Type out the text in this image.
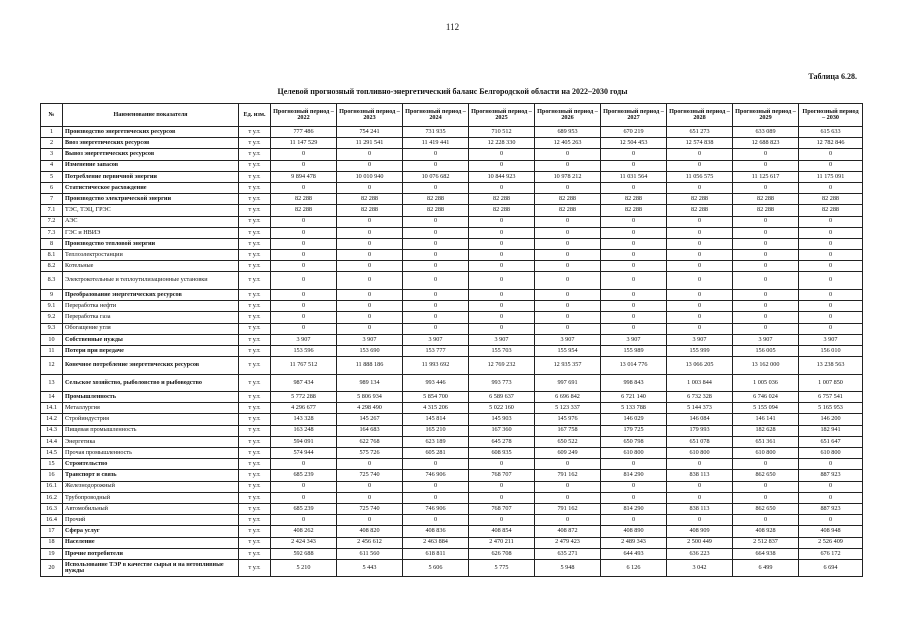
112
Таблица 6.28.
Целевой прогнозный топливно-энергетический баланс Белгородской области на 2022–2030 годы
№	Наименование показателя	Ед. изм.	Прогнозный период – 2022	Прогнозный период – 2023	Прогнозный период – 2024	Прогнозный период – 2025	Прогнозный период – 2026	Прогнозный период – 2027	Прогнозный период – 2028	Прогнозный период – 2029	Прогнозный период – 2030
1	Производство энергетических ресурсов	т у.т.	777 486	754 241	731 935	710 512	689 953	670 219	651 273	633 089	615 633
2	Ввоз энергетических ресурсов	т у.т.	11 147 529	11 291 541	11 419 441	12 228 330	12 405 263	12 504 453	12 574 838	12 688 823	12 782 846
3	Вывоз энергетических ресурсов	т у.т.	0	0	0	0	0	0	0	0	0
4	Изменение запасов	т у.т.	0	0	0	0	0	0	0	0	0
5	Потребление первичной энергии	т у.т.	9 894 478	10 010 940	10 076 682	10 844 923	10 978 212	11 031 564	11 056 575	11 125 617	11 175 091
6	Статистическое расхождение	т у.т.	0	0	0	0	0	0	0	0	0
7	Производство электрической энергии	т у.т.	82 288	82 288	82 288	82 288	82 288	82 288	82 288	82 288	82 288
7.1	ТЭС, ТЭЦ, ГРЭС	т у.т.	82 288	82 288	82 288	82 288	82 288	82 288	82 288	82 288	82 288
7.2	АЭС	т у.т.	0	0	0	0	0	0	0	0	0
7.3	ГЭС и НВИЭ	т у.т.	0	0	0	0	0	0	0	0	0
8	Производство тепловой энергии	т у.т.	0	0	0	0	0	0	0	0	0
8.1	Теплоэлектростанции	т у.т.	0	0	0	0	0	0	0	0	0
8.2	Котельные	т у.т.	0	0	0	0	0	0	0	0	0
8.3	Электрокотельные и теплоутилизационные установки	т у.т.	0	0	0	0	0	0	0	0	0
9	Преобразование энергетических ресурсов	т у.т.	0	0	0	0	0	0	0	0	0
9.1	Переработка нефти	т у.т.	0	0	0	0	0	0	0	0	0
9.2	Переработка газа	т у.т.	0	0	0	0	0	0	0	0	0
9.3	Обогащение угля	т у.т.	0	0	0	0	0	0	0	0	0
10	Собственные нужды	т у.т.	3 907	3 907	3 907	3 907	3 907	3 907	3 907	3 907	3 907
11	Потери при передаче	т у.т.	153 596	153 690	153 777	155 703	155 954	155 989	155 999	156 005	156 010
12	Конечное потребление энергетических ресурсов	т у.т.	11 767 512	11 888 186	11 993 692	12 769 232	12 935 357	13 014 776	13 066 205	13 162 000	13 238 563
13	Сельское хозяйство, рыболовство и рыбоводство	т у.т.	987 434	989 134	993 446	993 773	997 691	998 843	1 003 844	1 005 036	1 007 850
14	Промышленность	т у.т.	5 772 288	5 806 934	5 854 700	6 589 637	6 696 842	6 721 140	6 732 328	6 746 024	6 757 541
14.1	Металлургия	т у.т.	4 296 677	4 298 490	4 315 206	5 022 160	5 123 337	5 133 788	5 144 373	5 155 094	5 165 953
14.2	Стройиндустрия	т у.т.	143 328	145 267	145 814	145 903	145 976	146 029	146 084	146 141	146 200
14.3	Пищевая промышленность	т у.т.	163 248	164 683	165 210	167 360	167 758	179 725	179 993	182 628	182 941
14.4	Энергетика	т у.т.	594 091	622 768	623 189	645 278	650 522	650 798	651 078	651 361	651 647
14.5	Прочая промышленность	т у.т.	574 944	575 726	605 281	608 935	609 249	610 800	610 800	610 800	610 800
15	Строительство	т у.т.	0	0	0	0	0	0	0	0	0
16	Транспорт и связь	т у.т.	685 239	725 740	746 906	768 707	791 162	814 290	838 113	862 650	887 923
16.1	Железнодорожный	т у.т.	0	0	0	0	0	0	0	0	0
16.2	Трубопроводный	т у.т.	0	0	0	0	0	0	0	0	0
16.3	Автомобильный	т у.т.	685 239	725 740	746 906	768 707	791 162	814 290	838 113	862 650	887 923
16.4	Прочий	т у.т.	0	0	0	0	0	0	0	0	0
17	Сфера услуг	т у.т.	408 262	408 820	408 836	408 854	408 872	408 890	408 909	408 928	408 948
18	Население	т у.т.	2 424 343	2 456 612	2 463 884	2 470 211	2 479 423	2 489 343	2 500 449	2 512 837	2 526 409
19	Прочие потребители	т у.т.	592 688	611 560	618 811	626 708	635 271	644 493	636 223	664 938	676 172
20	Использование ТЭР в качестве сырья и на нетопливные нужды	т у.т.	5 210	5 443	5 606	5 775	5 948	6 126	3 042	6 499	6 694
